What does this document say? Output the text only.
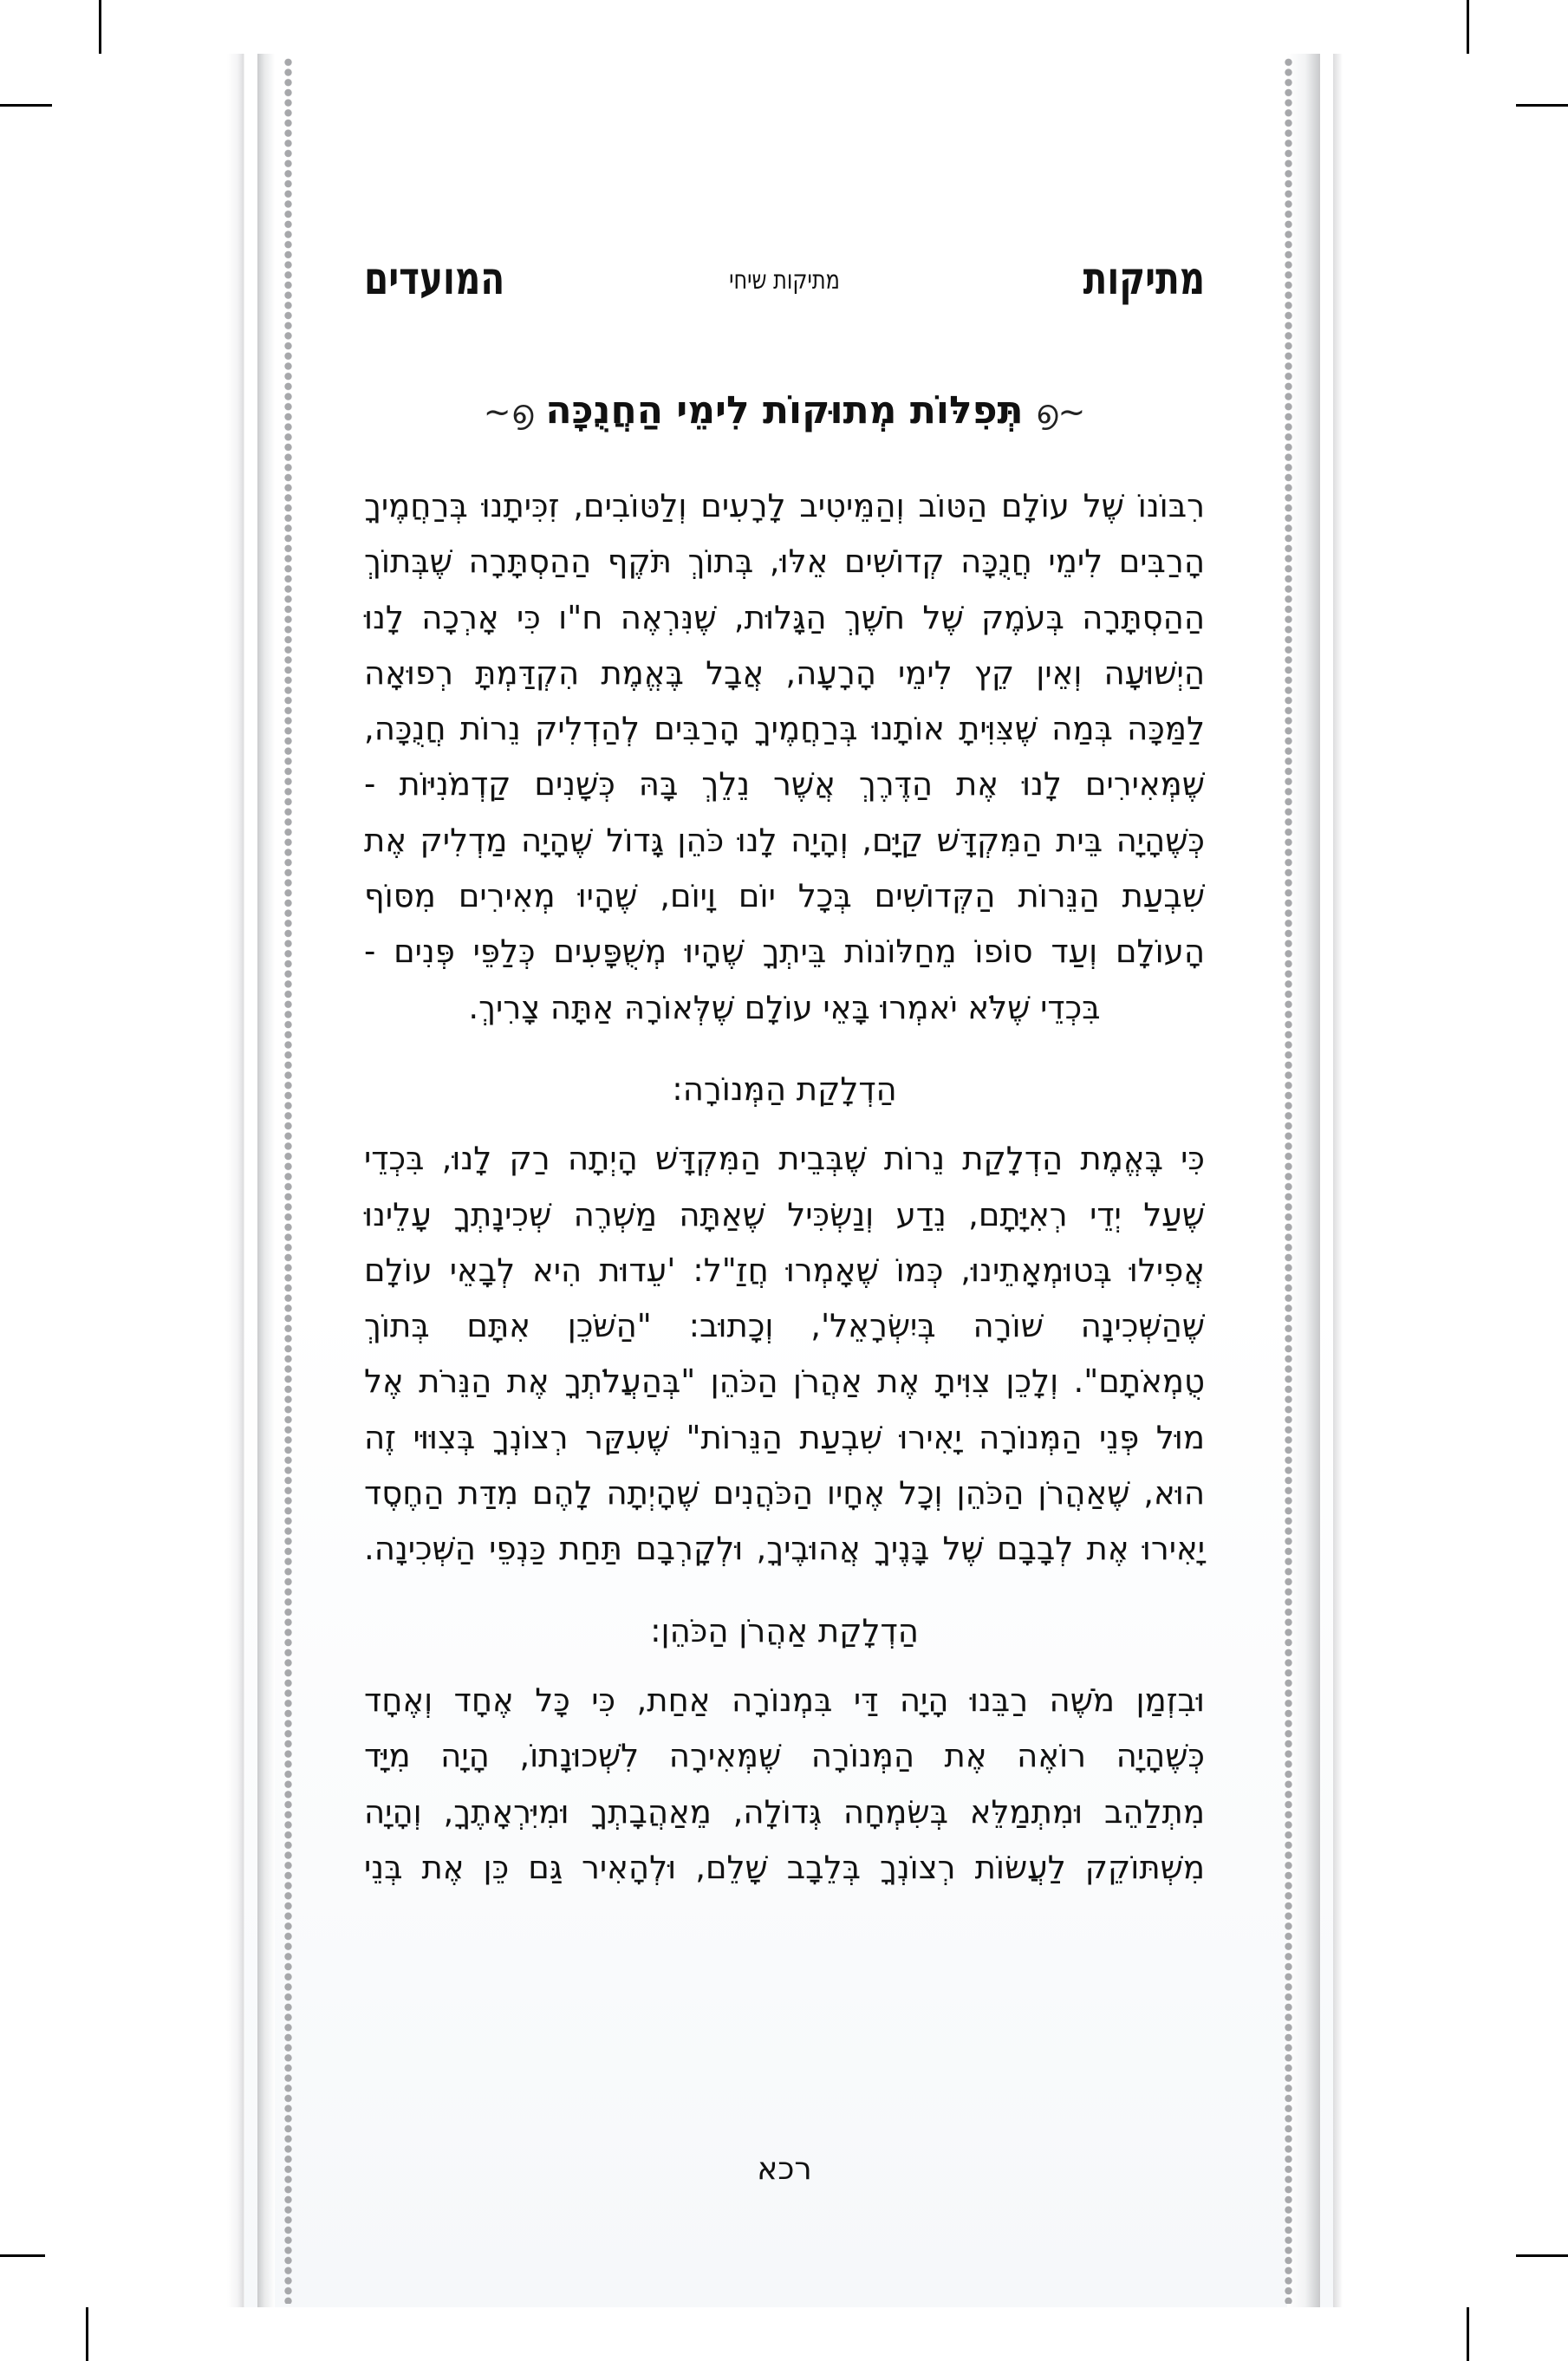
מתיקות
מתיקות שיחי
המועדים
~൭תְּפִלּוֹת מְתוּקוֹת לִימֵי הַחֲנֻכָּה൭~
רִבּוֹנוֹ שֶׁל עוֹלָם הַטּוֹב וְהַמֵּיטִיב לָרָעִים וְלַטּוֹבִים, זִכִּיתָנוּ בְּרַחֲמֶיךָ
הָרַבִּים לִימֵי חֲנֻכָּה קְדוֹשִׁים אֵלּוּ, בְּתוֹךְ תֹּקֶף הַהַסְתָּרָה שֶׁבְּתוֹךְ
הַהַסְתָּרָה בְּעֹמֶק שֶׁל חֹשֶׁךְ הַגָּלוּת, שֶׁנִּרְאֶה ח"ו כִּי אָרְכָה לָנוּ
הַיְשׁוּעָה וְאֵין קֵץ לִימֵי הָרָעָה, אֲבָל בֶּאֱמֶת הִקְדַּמְתָּ רְפוּאָה
לַמַּכָּה בְּמַה שֶּׁצִּוִּיתָ אוֹתָנוּ בְּרַחֲמֶיךָ הָרַבִּים לְהַדְלִיק נֵרוֹת חֲנֻכָּה,
שֶׁמְּאִירִים לָנוּ אֶת הַדֶּרֶךְ אֲשֶׁר נֵלֵךְ בָּהּ כְּשָׁנִים קַדְמֹנִיּוֹת -
כְּשֶׁהָיָה בֵּית הַמִּקְדָּשׁ קַיָּם, וְהָיָה לָנוּ כֹּהֵן גָּדוֹל שֶׁהָיָה מַדְלִיק אֶת
שִׁבְעַת הַנֵּרוֹת הַקְּדוֹשִׁים בְּכָל יוֹם וָיוֹם, שֶׁהָיוּ מְאִירִים מִסּוֹף
הָעוֹלָם וְעַד סוֹפוֹ מֵחַלּוֹנוֹת בֵּיתְךָ שֶׁהָיוּ מְשֻׁפָּעִים כְּלַפֵּי פְּנִים -
בִּכְדֵי שֶׁלֹּא יֹאמְרוּ בָּאֵי עוֹלָם שֶׁלְּאוֹרָהּ אַתָּה צָרִיךְ.
הַדְלָקַת הַמְּנוֹרָה:
כִּי בֶּאֱמֶת הַדְלָקַת נֵרוֹת שֶׁבְּבֵית הַמִּקְדָּשׁ הָיְתָה רַק לָנוּ, בִּכְדֵי
שֶׁעַל יְדֵי רְאִיָּתָם, נֵדַע וְנַשְׂכִּיל שֶׁאַתָּה מַשְׁרֶה שְׁכִינָתְךָ עָלֵינוּ
אֲפִילוּ בְּטוּמְאָתֵינוּ, כְּמוֹ שֶׁאָמְרוּ חֲזַ"ל: 'עֵדוּת הִיא לְבָאֵי עוֹלָם
שֶׁהַשְּׁכִינָה שׁוֹרָה בְּיִשְׂרָאֵל', וְכָתוּב: "הַשֹּׁכֵן אִתָּם בְּתוֹךְ
טֻמְאֹתָם". וְלָכֵן צִוִּיתָ אֶת אַהֲרֹן הַכֹּהֵן "בְּהַעֲלֹתְךָ אֶת הַנֵּרֹת אֶל
מוּל פְּנֵי הַמְּנוֹרָה יָאִירוּ שִׁבְעַת הַנֵּרוֹת" שֶׁעִקַּר רְצוֹנְךָ בְּצִוּוּי זֶה
הוּא, שֶׁאַהֲרֹן הַכֹּהֵן וְכָל אֶחָיו הַכֹּהֲנִים שֶׁהָיְתָה לָהֶם מִדַּת הַחֶסֶד
יָאִירוּ אֶת לְבָבָם שֶׁל בָּנֶיךָ אֲהוּבֶיךָ, וּלְקָרְבָם תַּחַת כַּנְפֵי הַשְּׁכִינָה.
הַדְלָקַת אַהֲרֹן הַכֹּהֵן:
וּבִזְמַן מֹשֶׁה רַבֵּנוּ הָיָה דַּי בִּמְנוֹרָה אַחַת, כִּי כָּל אֶחָד וְאֶחָד
כְּשֶׁהָיָה רוֹאֶה אֶת הַמְּנוֹרָה שֶׁמְּאִירָה לִשְׁכוּנָתוֹ, הָיָה מִיָּד
מִתְלַהֵב וּמִתְמַלֵּא בְּשִׂמְחָה גְּדוֹלָה, מֵאַהֲבָתְךָ וּמִיִּרְאָתֶךָ, וְהָיָה
מִשְׁתּוֹקֵק לַעֲשׂוֹת רְצוֹנְךָ בְּלֵבָב שָׁלֵם, וּלְהָאִיר גַּם כֵּן אֶת בְּנֵי
רכא
